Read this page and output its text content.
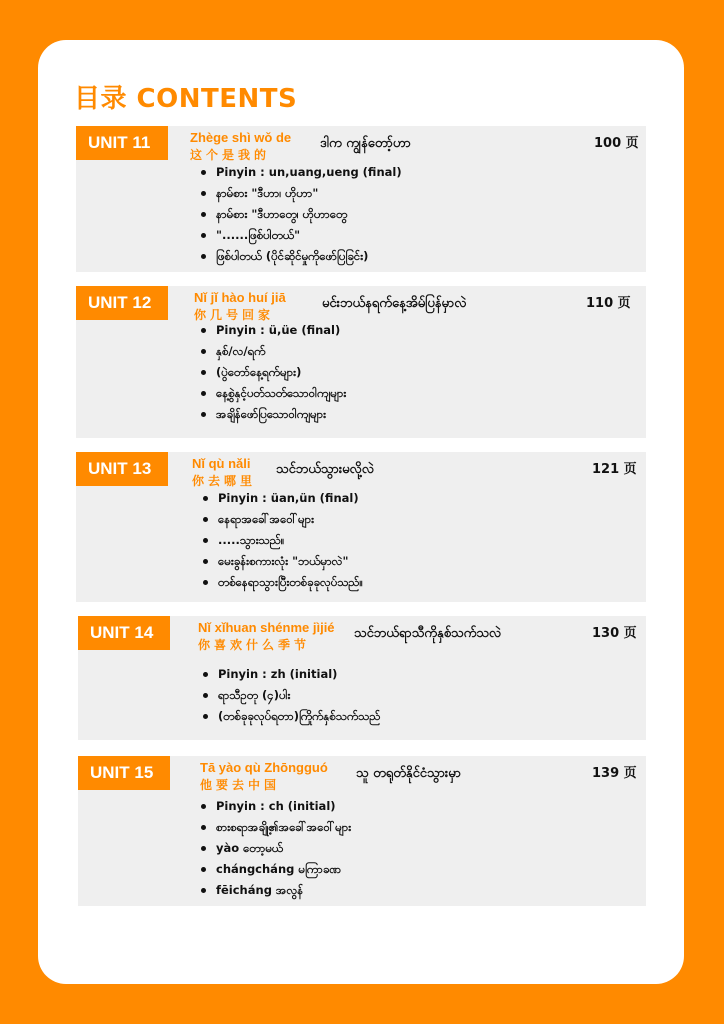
目录 CONTENTS
UNIT 11	Zhège shì wǒ de
这个是我的
ဒါက ကျွန်တော့်ဟာ	100 页
Pinyin : un,uang,ueng (final)
နာမ်စား "ဒီဟာ၊ ဟိုဟာ"
နာမ်စား "ဒီဟာတွေ၊ ဟိုဟာတွေ
"......ဖြစ်ပါတယ်"
ဖြစ်ပါတယ် (ပိုင်ဆိုင်မှုကိုဖော်ပြခြင်း)
UNIT 12	Nǐ jǐ hào huí jiā
你几号回家
မင်းဘယ်နရက်နေ့အိမ်ပြန်မှာလဲ	110 页
Pinyin : ü,üe (final)
နှစ်/လ/ရက်
(ပွဲတော်နေ့ရက်များ)
နေ့စွဲနှင့်ပတ်သတ်သောဝါကျများ
အချိန်ဖော်ပြသောဝါကျများ
UNIT 13	Nǐ qù nǎli
你去哪里
သင်ဘယ်သွားမလို့လဲ	121 页
Pinyin : üan,ün (final)
နေရာအခေါ်အဝေါ်များ
.....သွားသည်။
မေးခွန်းစကားလုံး "ဘယ်မှာလဲ"
တစ်နေရာသွားပြီးတစ်ခုခုလုပ်သည်။
UNIT 14	Nǐ xǐhuan shénme jìjié
你喜欢什么季节
သင်ဘယ်ရာသီကိုနှစ်သက်သလဲ	130 页
Pinyin : zh (initial)
ရာသီဥတု (၄)ပါး
(တစ်ခုခုလုပ်ရတာ)ကြိုက်နှစ်သက်သည်
UNIT 15	Tā yào qù Zhōngguó
他要去中国
သူ တရုတ်နိုင်ငံသွားမှာ	139 页
Pinyin : ch (initial)
စားစရာအချို့၏အခေါ်အဝေါ်များ
yào တော့မယ်
chángcháng မကြာခဏ
fēicháng အလွန်
